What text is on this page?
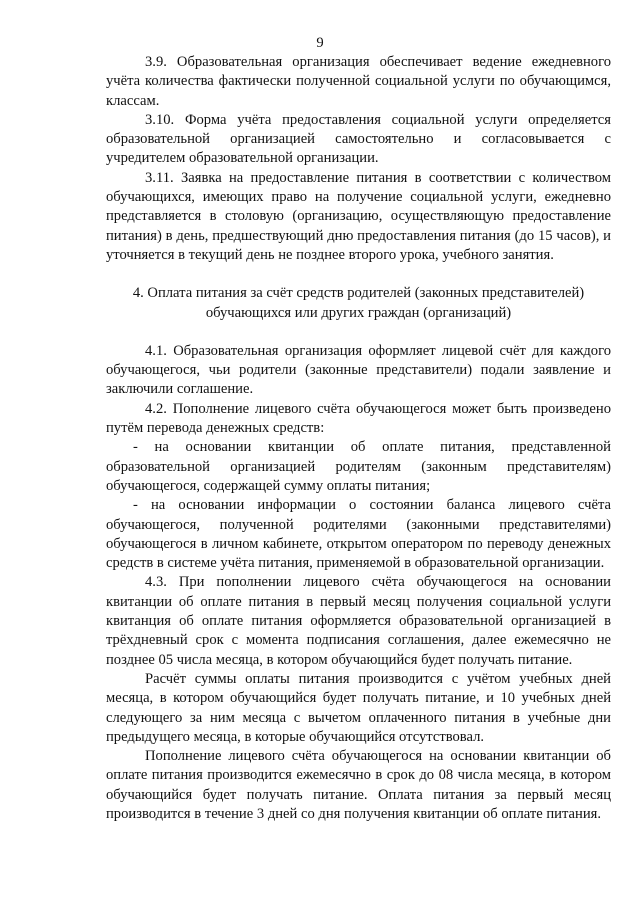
9

3.9. Образовательная организация обеспечивает ведение ежедневного учёта количества фактически полученной социальной услуги по обучающимся, классам.

3.10. Форма учёта предоставления социальной услуги определяется образовательной организацией самостоятельно и согласовывается с учредителем образовательной организации.

3.11. Заявка на предоставление питания в соответствии с количеством обучающихся, имеющих право на получение социальной услуги, ежедневно представляется в столовую (организацию, осуществляющую предоставление питания) в день, предшествующий дню предоставления питания (до 15 часов), и уточняется в текущий день не позднее второго урока, учебного занятия.

4. Оплата питания за счёт средств родителей (законных представителей)
обучающихся или других граждан (организаций)

4.1. Образовательная организация оформляет лицевой счёт для каждого обучающегося, чьи родители (законные представители) подали заявление и заключили соглашение.

4.2. Пополнение лицевого счёта обучающегося может быть произведено путём перевода денежных средств:

- на основании квитанции об оплате питания, представленной образовательной организацией родителям (законным представителям) обучающегося, содержащей сумму оплаты питания;

- на основании информации о состоянии баланса лицевого счёта обучающегося, полученной родителями (законными представителями) обучающегося в личном кабинете, открытом оператором по переводу денежных средств в системе учёта питания, применяемой в образовательной организации.

4.3. При пополнении лицевого счёта обучающегося на основании квитанции об оплате питания в первый месяц получения социальной услуги квитанция об оплате питания оформляется образовательной организацией в трёхдневный срок с момента подписания соглашения, далее ежемесячно не позднее 05 числа месяца, в котором обучающийся будет получать питание.

Расчёт суммы оплаты питания производится с учётом учебных дней месяца, в котором обучающийся будет получать питание, и 10 учебных дней следующего за ним месяца с вычетом оплаченного питания в учебные дни предыдущего месяца, в которые обучающийся отсутствовал.

Пополнение лицевого счёта обучающегося на основании квитанции об оплате питания производится ежемесячно в срок до 08 числа месяца, в котором обучающийся будет получать питание. Оплата питания за первый месяц производится в течение 3 дней со дня получения квитанции об оплате питания.
